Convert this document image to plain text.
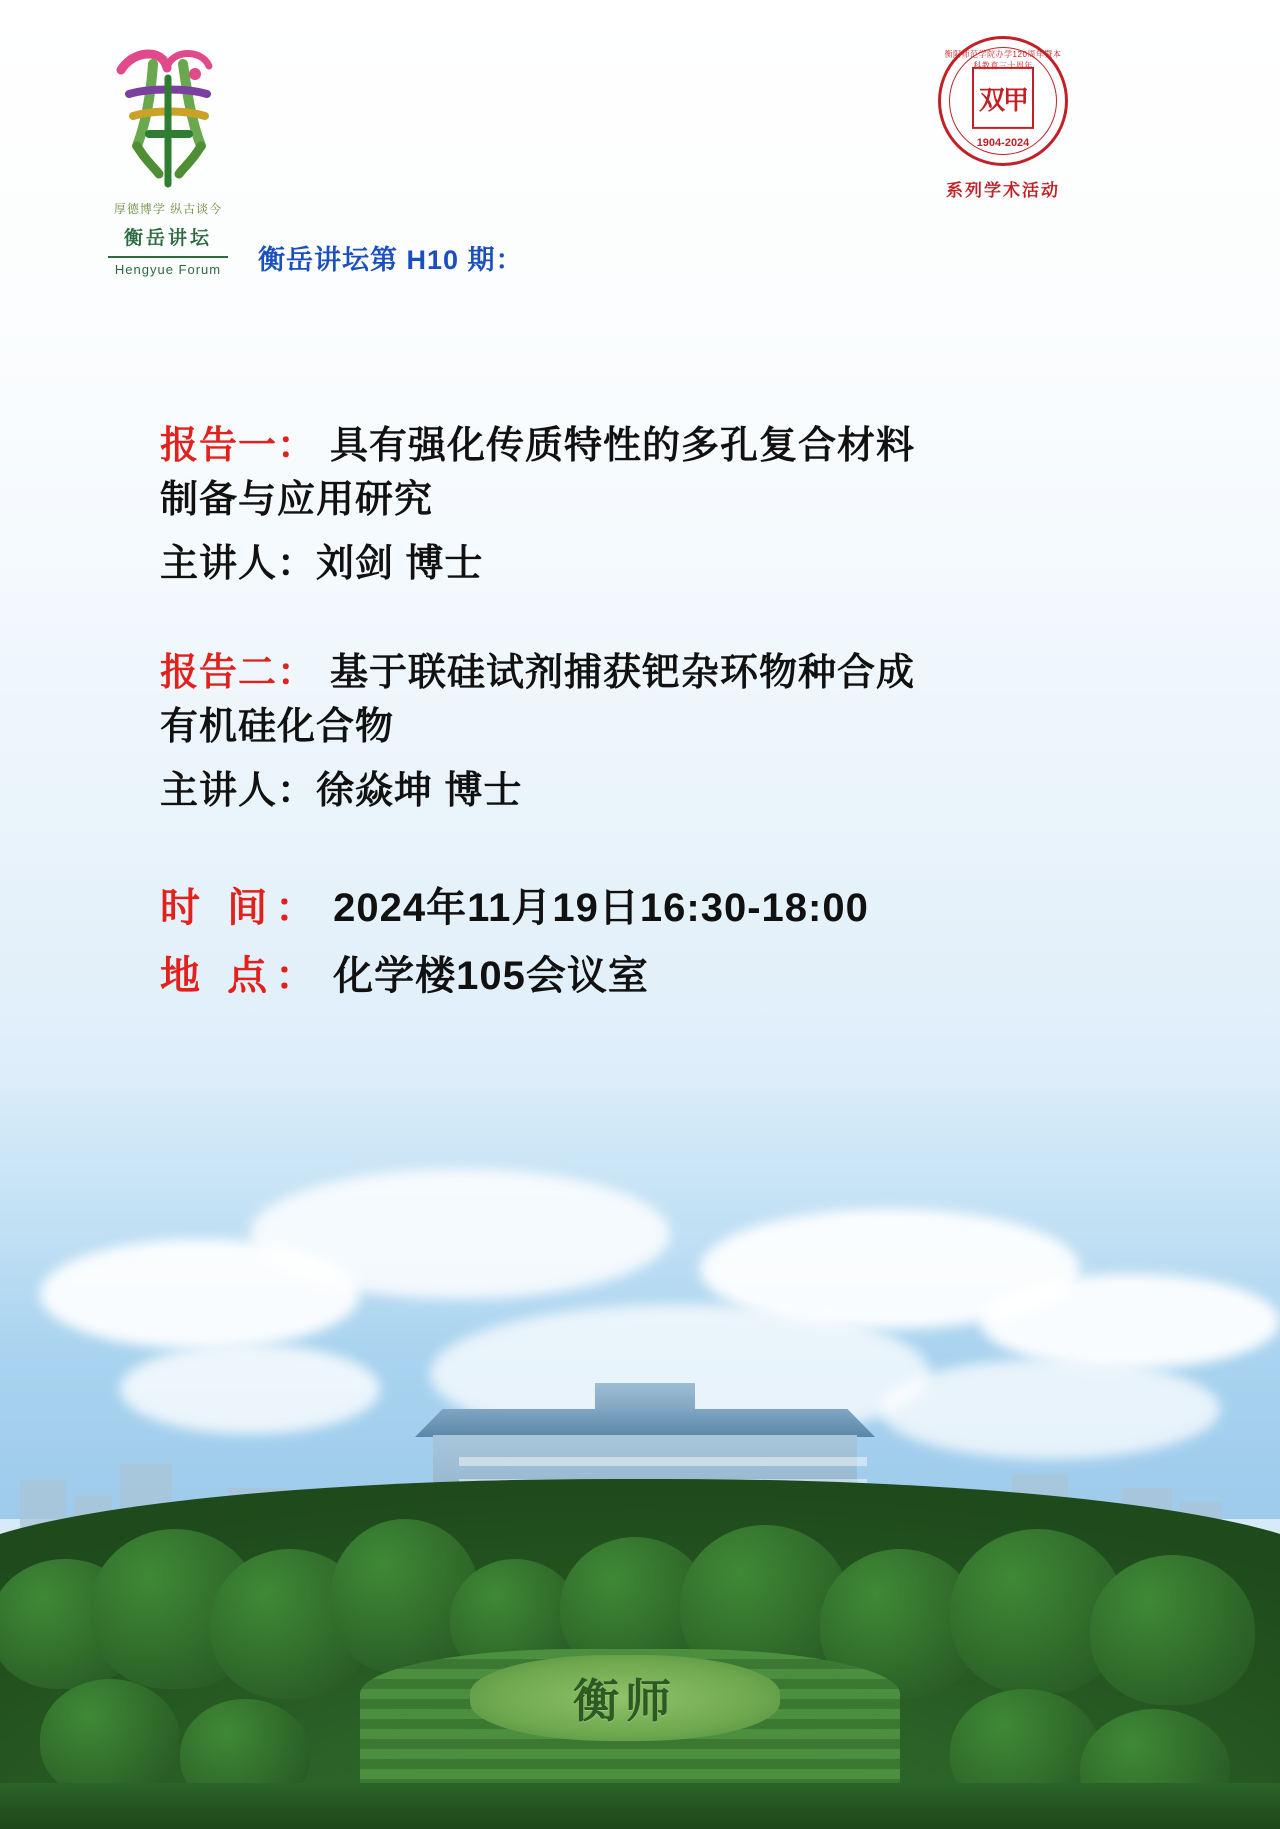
衡师
厚德博学 纵古谈今
衡岳讲坛
Hengyue Forum	衡岳讲坛第 H10 期：
衡阳师范学院办学120周年暨本科教育三十周年
双甲
1904-2024
系列学术活动
报告一： 具有强化传质特性的多孔复合材料
制备与应用研究
主讲人：刘剑 博士
报告二： 基于联硅试剂捕获钯杂环物种合成
有机硅化合物
主讲人：徐焱坤 博士
时 间： 2024年11月19日16:30-18:00
地 点： 化学楼105会议室
